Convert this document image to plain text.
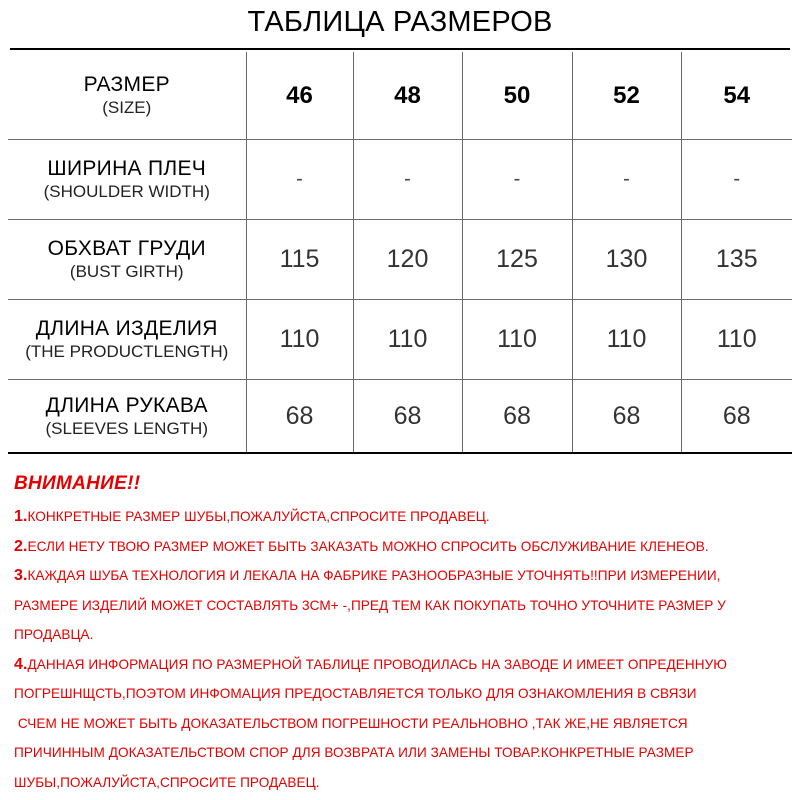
ТАБЛИЦА РАЗМЕРОВ
РАЗМЕР
(SIZE)	46	48	50	52	54

ШИРИНА ПЛЕЧ
(SHOULDER WIDTH)	-	-	-	-	-

ОБХВАТ ГРУДИ
(BUST GIRTH)	115	120	125	130	135

ДЛИНА ИЗДЕЛИЯ
(THE PRODUCTLENGTH)	110	110	110	110	110

ДЛИНА РУКАВА
(SLEEVES LENGTH)	68	68	68	68	68
ВНИМАНИЕ!!
1.КОНКРЕТНЫЕ РАЗМЕР ШУБЫ,ПОЖАЛУЙСТА,СПРОСИТЕ ПРОДАВЕЦ.
2.ЕСЛИ НЕТУ ТВОЮ РАЗМЕР МОЖЕТ БЫТЬ ЗАКАЗАТЬ МОЖНО СПРОСИТЬ ОБСЛУЖИВАНИЕ КЛЕНЕОВ.
3.КАЖДАЯ ШУБА ТЕХНОЛОГИЯ И ЛЕКАЛА НА ФАБРИКЕ РАЗНООБРАЗНЫЕ УТОЧНЯТЬ!!ПРИ ИЗМЕРЕНИИ,
РАЗМЕРЕ ИЗДЕЛИЙ МОЖЕТ СОСТАВЛЯТЬ 3СМ+ -,ПРЕД ТЕМ КАК ПОКУПАТЬ ТОЧНО УТОЧНИТЕ РАЗМЕР У
ПРОДАВЦА.
4.ДАННАЯ ИНФОРМАЦИЯ ПО РАЗМЕРНОЙ ТАБЛИЦЕ ПРОВОДИЛАСЬ НА ЗАВОДЕ И ИМЕЕТ ОПРЕДЕННУЮ
ПОГРЕШНЩСТЬ,ПОЭТОМ ИНФОМАЦИЯ ПРЕДОСТАВЛЯЕТСЯ ТОЛЬКО ДЛЯ ОЗНАКОМЛЕНИЯ В СВЯЗИ
СЧЕМ НЕ МОЖЕТ БЫТЬ ДОКАЗАТЕЛЬСТВОМ ПОГРЕШНОСТИ РЕАЛЬНОВНО ,ТАК ЖЕ,НЕ ЯВЛЯЕТСЯ
ПРИЧИННЫМ ДОКАЗАТЕЛЬСТВОМ СПОР ДЛЯ ВОЗВРАТА ИЛИ ЗАМЕНЫ ТОВАР.КОНКРЕТНЫЕ РАЗМЕР
ШУБЫ,ПОЖАЛУЙСТА,СПРОСИТЕ ПРОДАВЕЦ.
